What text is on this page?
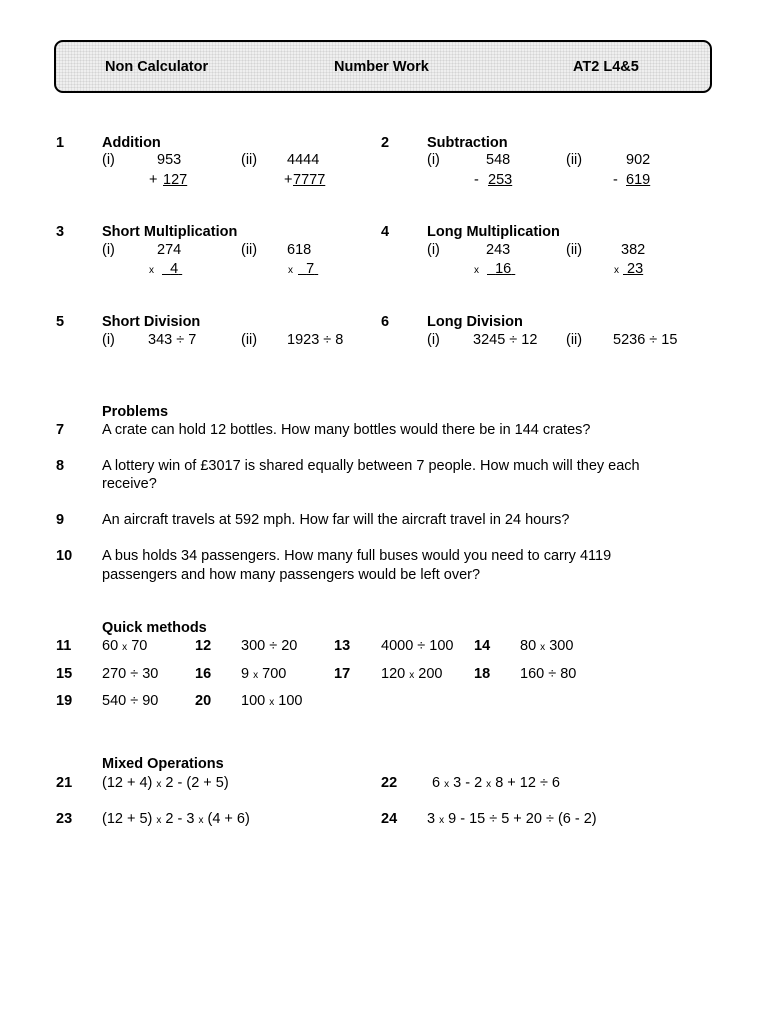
Non Calculator	Number Work	AT2 L4&5
1	Addition
(i)	953
+ 127
(ii) 4444
+ 7777
2	Subtraction
(i)	548
- 253
(ii)	902
- 619
3	Short Multiplication
(i)	274
x	4
(ii) 618
x 7
4	Long Multiplication
(i)	243
x	16
(ii)	382
x 23
5	Short Division
(i) 343 ÷ 7	(ii) 1923 ÷ 8
6	Long Division
(i) 3245 ÷ 12 (ii) 5236 ÷ 15
Problems
7	A crate can hold 12 bottles. How many bottles would there be in 144 crates?
8	A lottery win of £3017 is shared equally between 7 people. How much will they each
receive?
9	An aircraft travels at 592 mph. How far will the aircraft travel in 24 hours?
10 A bus holds 34 passengers. How many full buses would you need to carry 4119
passengers and how many passengers would be left over?
Quick methods
11 60 x 70	12 300 ÷ 20	13 4000 ÷ 100 14 80 x 300
15 270 ÷ 30	16 9 x 700	17 120 x 200 18 160 ÷ 80
19 540 ÷ 90	20 100 x 100
Mixed Operations
21 (12 + 4) x 2 - (2 + 5)	22 6 x 3 - 2 x 8 + 12 ÷ 6
23 (12 + 5) x 2 - 3 x (4 + 6)	24 3 x 9 - 15 ÷ 5 + 20 ÷ (6 - 2)
